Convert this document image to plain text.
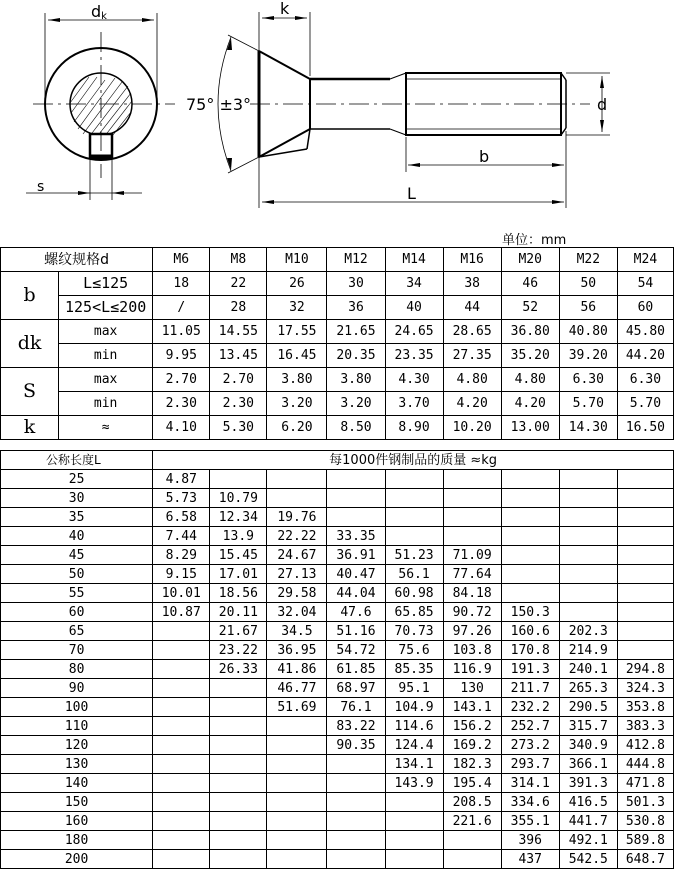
dk
s
75° ±3°
k
b
L
d
单位：mm
螺纹规格d		M6	M8	M10	M12	M14	M16	M20	M22	M24
b	L≤125	18	22	26	30	34	38	46	50	54
	125<L≤200	/	28	32	36	40	44	52	56	60
dk	max	11.05	14.55	17.55	21.65	24.65	28.65	36.80	40.80	45.80
	min	9.95	13.45	16.45	20.35	23.35	27.35	35.20	39.20	44.20
S	max	2.70	2.70	3.80	3.80	4.30	4.80	4.80	6.30	6.30
	min	2.30	2.30	3.20	3.20	3.70	4.20	4.20	5.70	5.70
k	≈	4.10	5.30	6.20	8.50	8.90	10.20	13.00	14.30	16.50
公称长度L	每1000件钢制品的质量 ≈kg								
25	4.87								
30	5.73	10.79							
35	6.58	12.34	19.76						
40	7.44	13.9	22.22	33.35					
45	8.29	15.45	24.67	36.91	51.23	71.09			
50	9.15	17.01	27.13	40.47	56.1	77.64			
55	10.01	18.56	29.58	44.04	60.98	84.18			
60	10.87	20.11	32.04	47.6	65.85	90.72	150.3		
65		21.67	34.5	51.16	70.73	97.26	160.6	202.3	
70		23.22	36.95	54.72	75.6	103.8	170.8	214.9	
80		26.33	41.86	61.85	85.35	116.9	191.3	240.1	294.8
90			46.77	68.97	95.1	130	211.7	265.3	324.3
100			51.69	76.1	104.9	143.1	232.2	290.5	353.8
110				83.22	114.6	156.2	252.7	315.7	383.3
120				90.35	124.4	169.2	273.2	340.9	412.8
130					134.1	182.3	293.7	366.1	444.8
140					143.9	195.4	314.1	391.3	471.8
150						208.5	334.6	416.5	501.3
160						221.6	355.1	441.7	530.8
180							396	492.1	589.8
200							437	542.5	648.7
